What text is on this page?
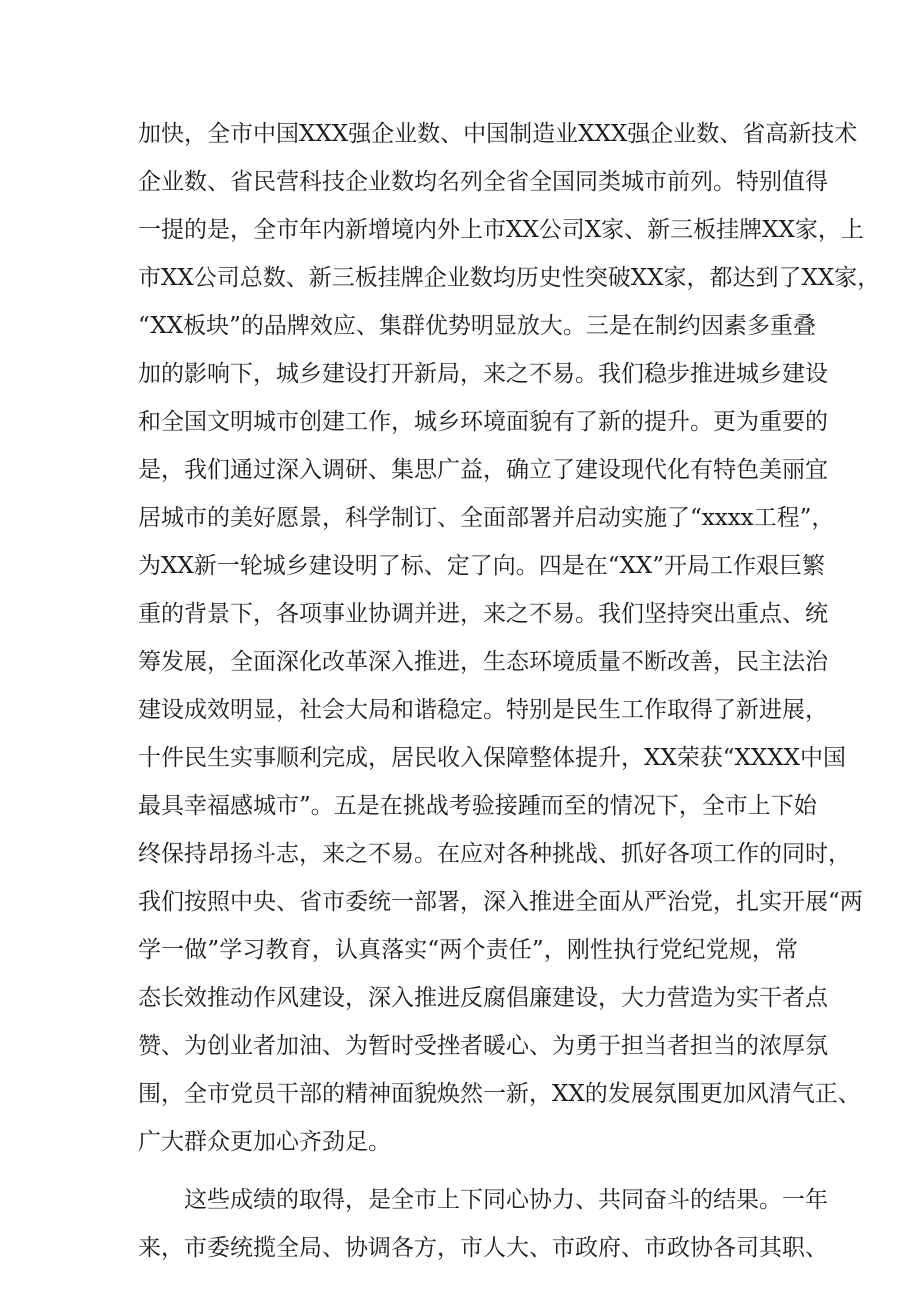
加快，全市中国XXX强企业数、中国制造业XXX强企业数、省高新技术
企业数、省民营科技企业数均名列全省全国同类城市前列。特别值得
一提的是，全市年内新增境内外上市XX公司X家、新三板挂牌XX家，上
市XX公司总数、新三板挂牌企业数均历史性突破XX家，都达到了XX家，
“XX板块”的品牌效应、集群优势明显放大。三是在制约因素多重叠
加的影响下，城乡建设打开新局，来之不易。我们稳步推进城乡建设
和全国文明城市创建工作，城乡环境面貌有了新的提升。更为重要的
是，我们通过深入调研、集思广益，确立了建设现代化有特色美丽宜
居城市的美好愿景，科学制订、全面部署并启动实施了“xxxx工程”，
为XX新一轮城乡建设明了标、定了向。四是在“XX”开局工作艰巨繁
重的背景下，各项事业协调并进，来之不易。我们坚持突出重点、统
筹发展，全面深化改革深入推进，生态环境质量不断改善，民主法治
建设成效明显，社会大局和谐稳定。特别是民生工作取得了新进展，
十件民生实事顺利完成，居民收入保障整体提升，XX荣获“XXXX中国
最具幸福感城市”。五是在挑战考验接踵而至的情况下，全市上下始
终保持昂扬斗志，来之不易。在应对各种挑战、抓好各项工作的同时，
我们按照中央、省市委统一部署，深入推进全面从严治党，扎实开展“两
学一做”学习教育，认真落实“两个责任”，刚性执行党纪党规，常
态长效推动作风建设，深入推进反腐倡廉建设，大力营造为实干者点
赞、为创业者加油、为暂时受挫者暖心、为勇于担当者担当的浓厚氛
围，全市党员干部的精神面貌焕然一新，XX的发展氛围更加风清气正、
广大群众更加心齐劲足。
这些成绩的取得，是全市上下同心协力、共同奋斗的结果。一年
来，市委统揽全局、协调各方，市人大、市政府、市政协各司其职、
